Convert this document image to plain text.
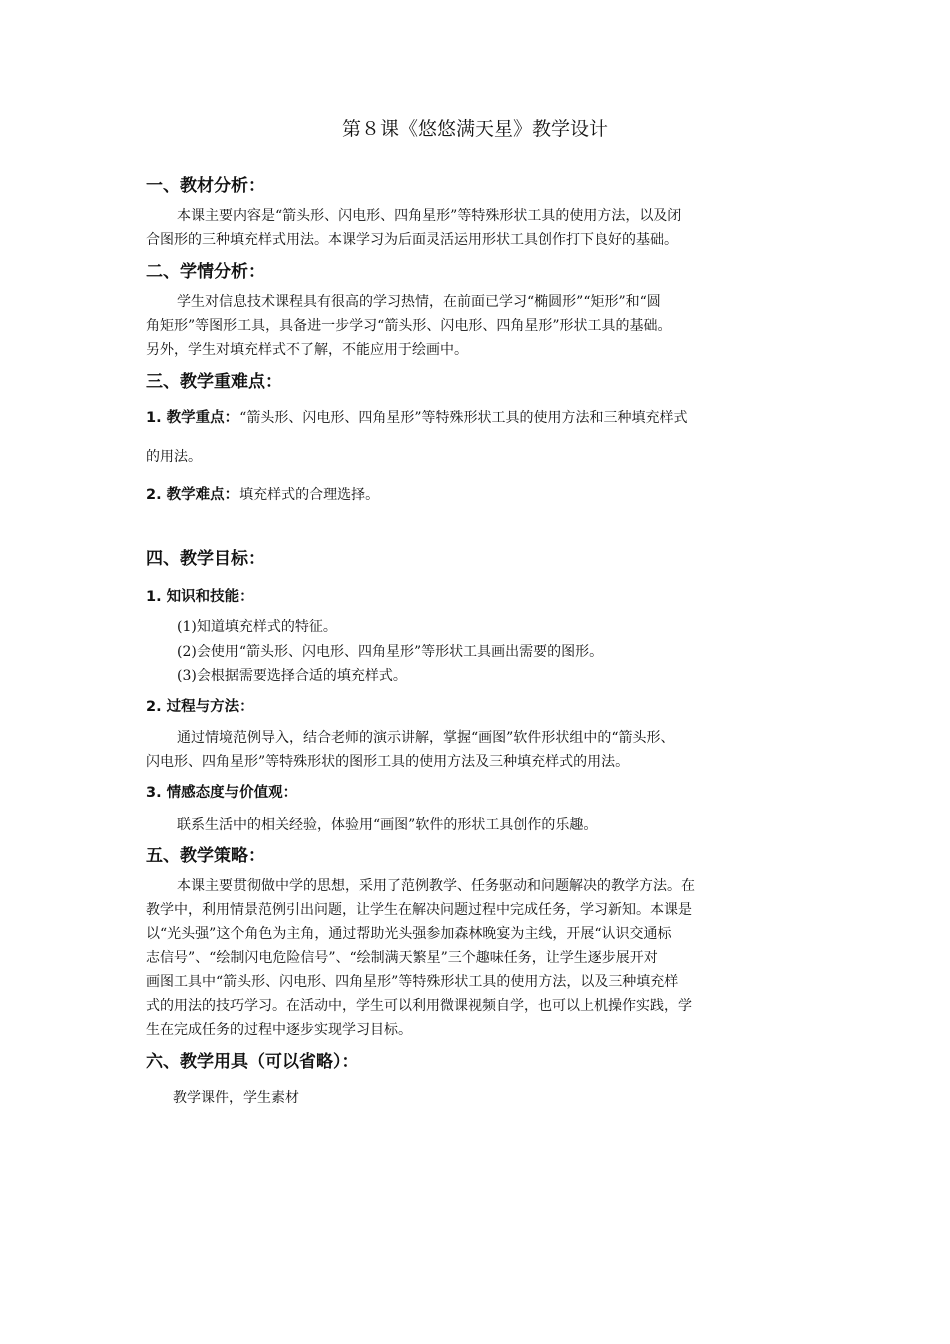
第８课《悠悠满天星》教学设计
一、教材分析：
本课主要内容是“箭头形、闪电形、四角星形”等特殊形状工具的使用方法，以及闭
合图形的三种填充样式用法。本课学习为后面灵活运用形状工具创作打下良好的基础。
二、学情分析：
学生对信息技术课程具有很高的学习热情，在前面已学习“椭圆形”“矩形”和“圆
角矩形”等图形工具，具备进一步学习“箭头形、闪电形、四角星形”形状工具的基础。
另外，学生对填充样式不了解，不能应用于绘画中。
三、教学重难点：
1. 教学重点：“箭头形、闪电形、四角星形”等特殊形状工具的使用方法和三种填充样式
的用法。
2. 教学难点：填充样式的合理选择。
四、教学目标：
1. 知识和技能：
(1)知道填充样式的特征。
(2)会使用“箭头形、闪电形、四角星形”等形状工具画出需要的图形。
(3)会根据需要选择合适的填充样式。
2. 过程与方法：
通过情境范例导入，结合老师的演示讲解，掌握“画图”软件形状组中的“箭头形、
闪电形、四角星形”等特殊形状的图形工具的使用方法及三种填充样式的用法。
3. 情感态度与价值观：
联系生活中的相关经验，体验用“画图”软件的形状工具创作的乐趣。
五、教学策略：
本课主要贯彻做中学的思想，采用了范例教学、任务驱动和问题解决的教学方法。在
教学中，利用情景范例引出问题，让学生在解决问题过程中完成任务，学习新知。本课是
以“光头强”这个角色为主角，通过帮助光头强参加森林晚宴为主线，开展“认识交通标
志信号”、“绘制闪电危险信号”、“绘制满天繁星”三个趣味任务，让学生逐步展开对
画图工具中“箭头形、闪电形、四角星形”等特殊形状工具的使用方法，以及三种填充样
式的用法的技巧学习。在活动中，学生可以利用微课视频自学，也可以上机操作实践，学
生在完成任务的过程中逐步实现学习目标。
六、教学用具（可以省略）：
教学课件，学生素材
